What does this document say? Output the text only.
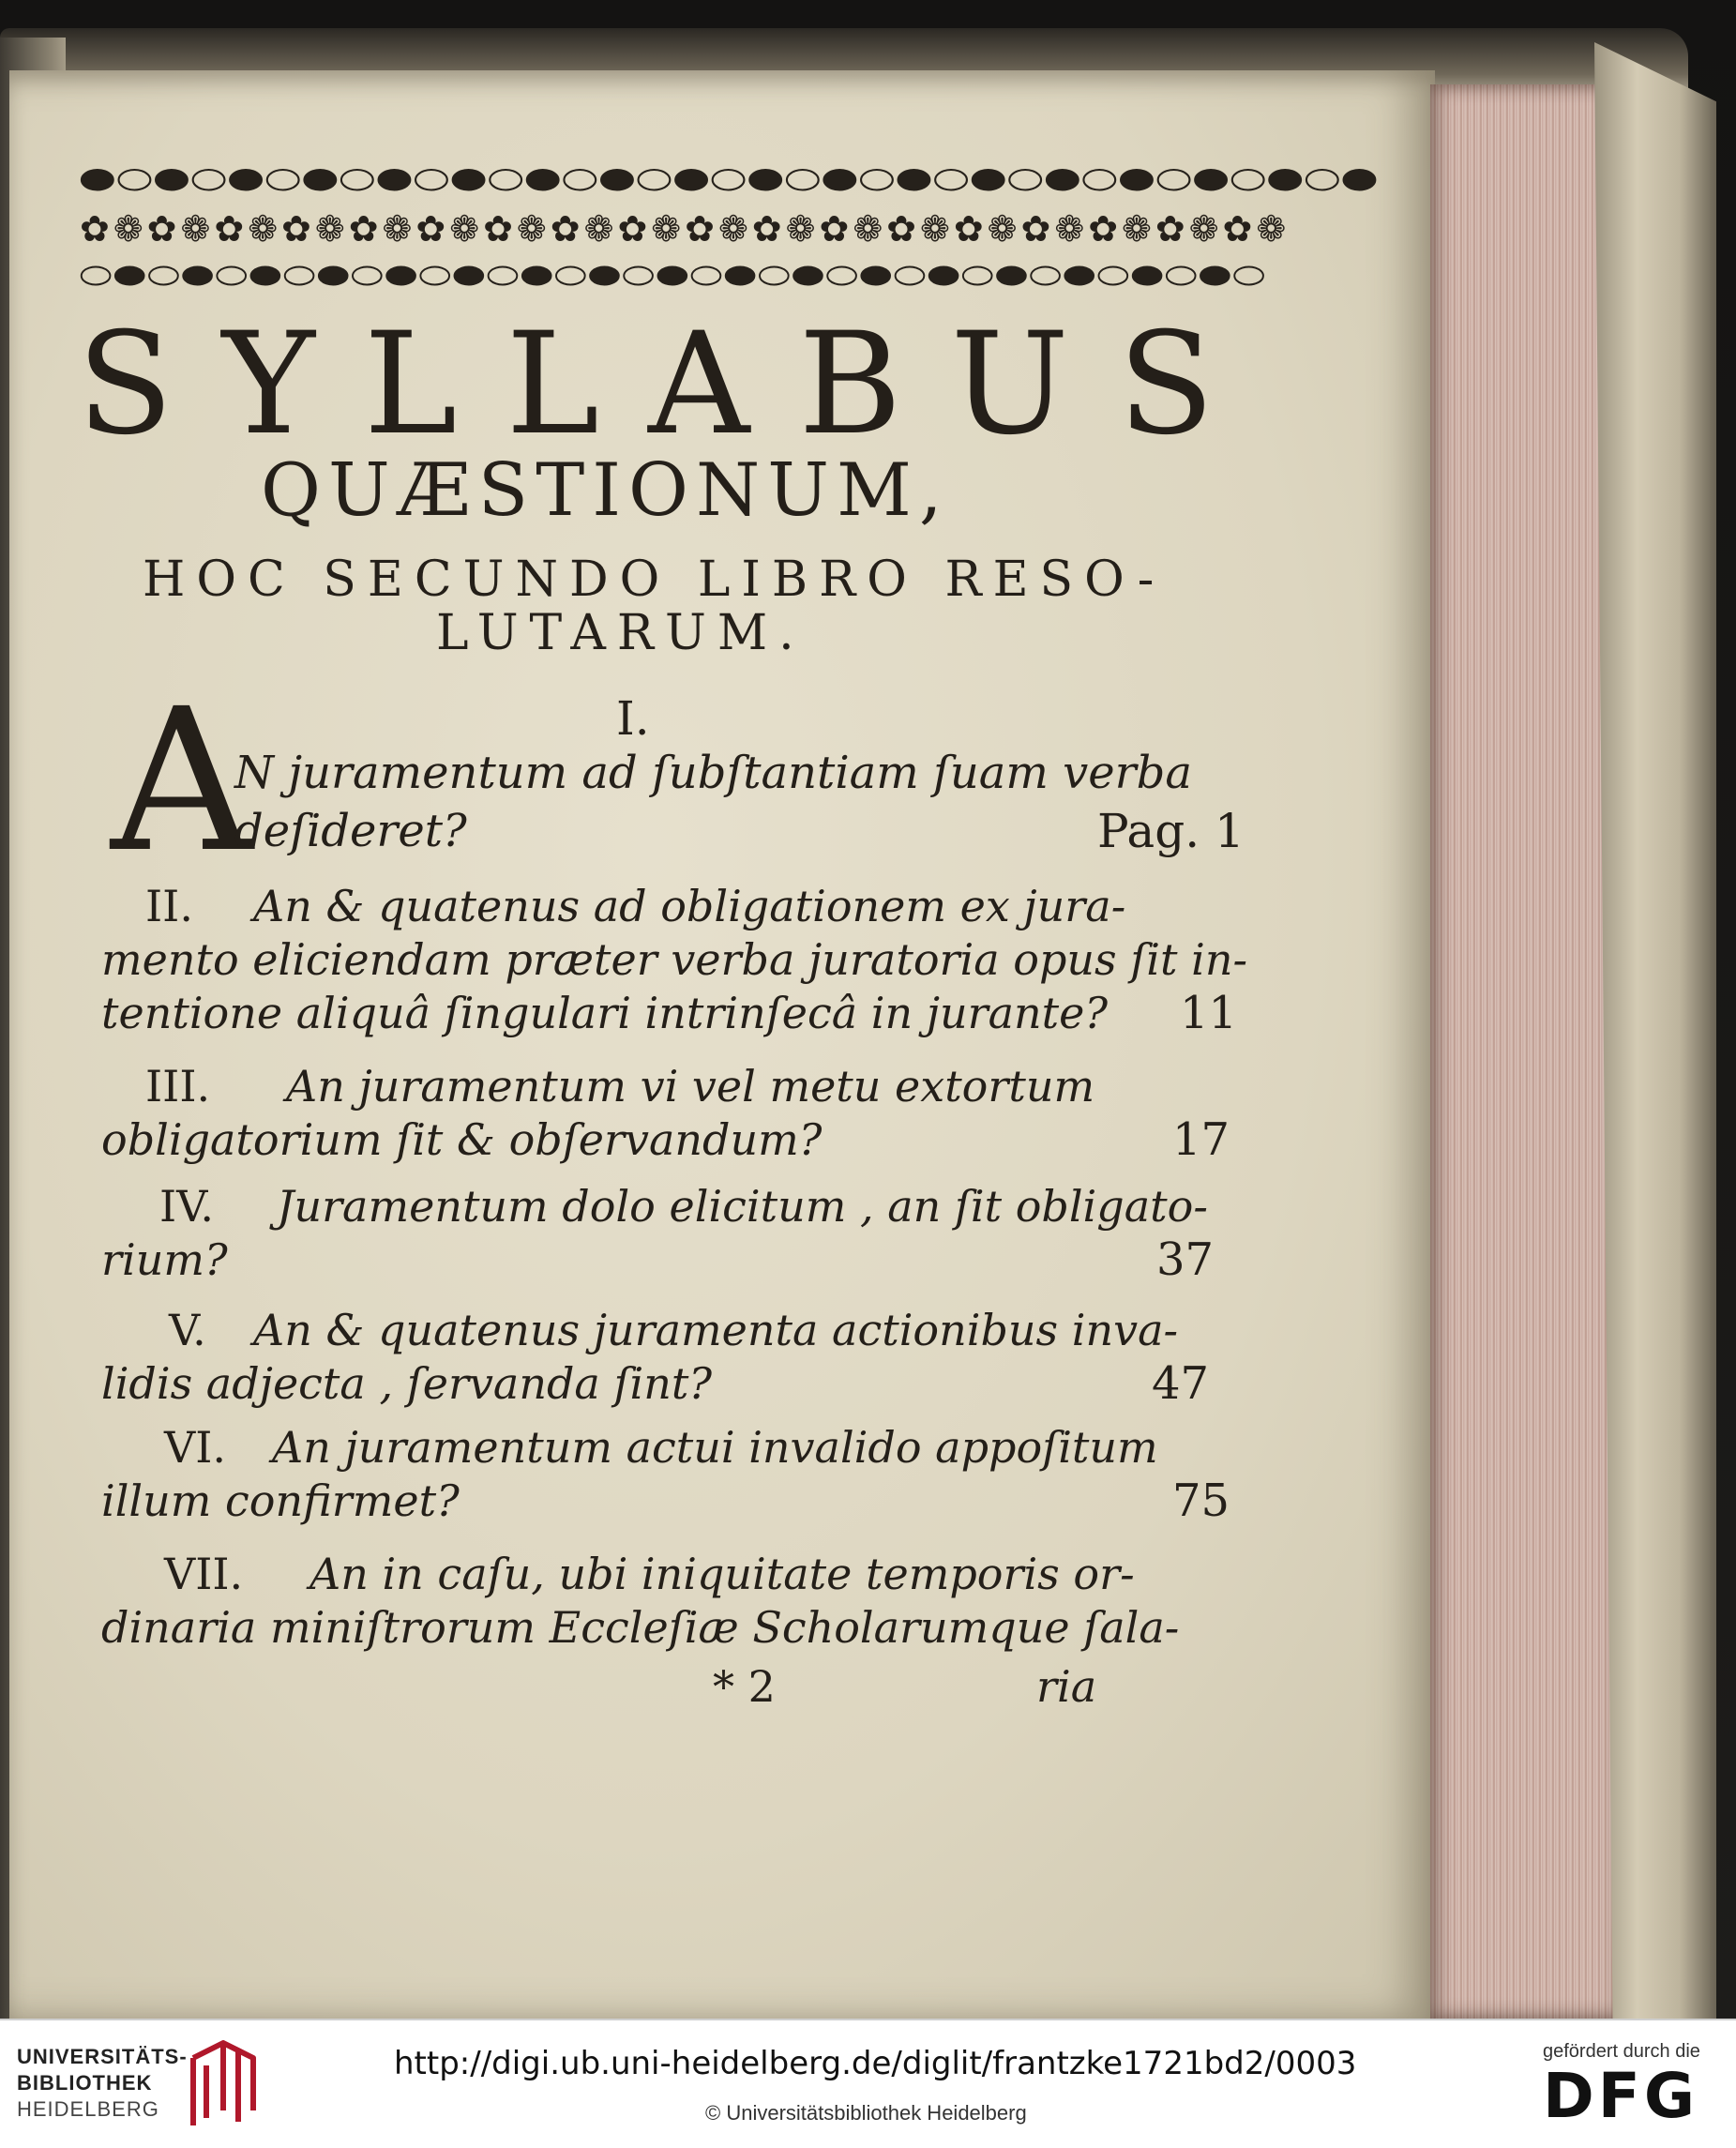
⬬⬭⬬⬭⬬⬭⬬⬭⬬⬭⬬⬭⬬⬭⬬⬭⬬⬭⬬⬭⬬⬭⬬⬭⬬⬭⬬⬭⬬⬭⬬⬭⬬⬭⬬
✿❁✿❁✿❁✿❁✿❁✿❁✿❁✿❁✿❁✿❁✿❁✿❁✿❁✿❁✿❁✿❁✿❁✿❁
⬭⬬⬭⬬⬭⬬⬭⬬⬭⬬⬭⬬⬭⬬⬭⬬⬭⬬⬭⬬⬭⬬⬭⬬⬭⬬⬭⬬⬭⬬⬭⬬⬭⬬⬭
SYLLABUS
QUÆSTIONUM,
HOC SECUNDO LIBRO RESO-
LUTARUM.
I.
A
N juramentum ad ſubſtantiam ſuam verba
deſideret?	Pag. 1
II. An & quatenus ad obligationem ex jura-
mento eliciendam præter verba juratoria opus ſit in-
tentione aliquâ ſingulari intrinſecâ in jurante? 11
III. An juramentum vi vel metu extortum
obligatorium ſit & obſervandum?	17
IV. Juramentum dolo elicitum , an ſit obligato-
rium?	37
V. An & quatenus juramenta actionibus inva-
lidis adjecta , ſervanda ſint?	47
VI. An juramentum actui invalido appoſitum
illum confirmet?	75
VII. An in caſu, ubi iniquitate temporis or-
dinaria miniſtrorum Eccleſiæ Scholarumque ſala-
* 2	ria
UNIVERSITÄTS-
BIBLIOTHEK
HEIDELBERG
http://digi.ub.uni-heidelberg.de/diglit/frantzke1721bd2/0003
© Universitätsbibliothek Heidelberg
gefördert durch die
DFG
